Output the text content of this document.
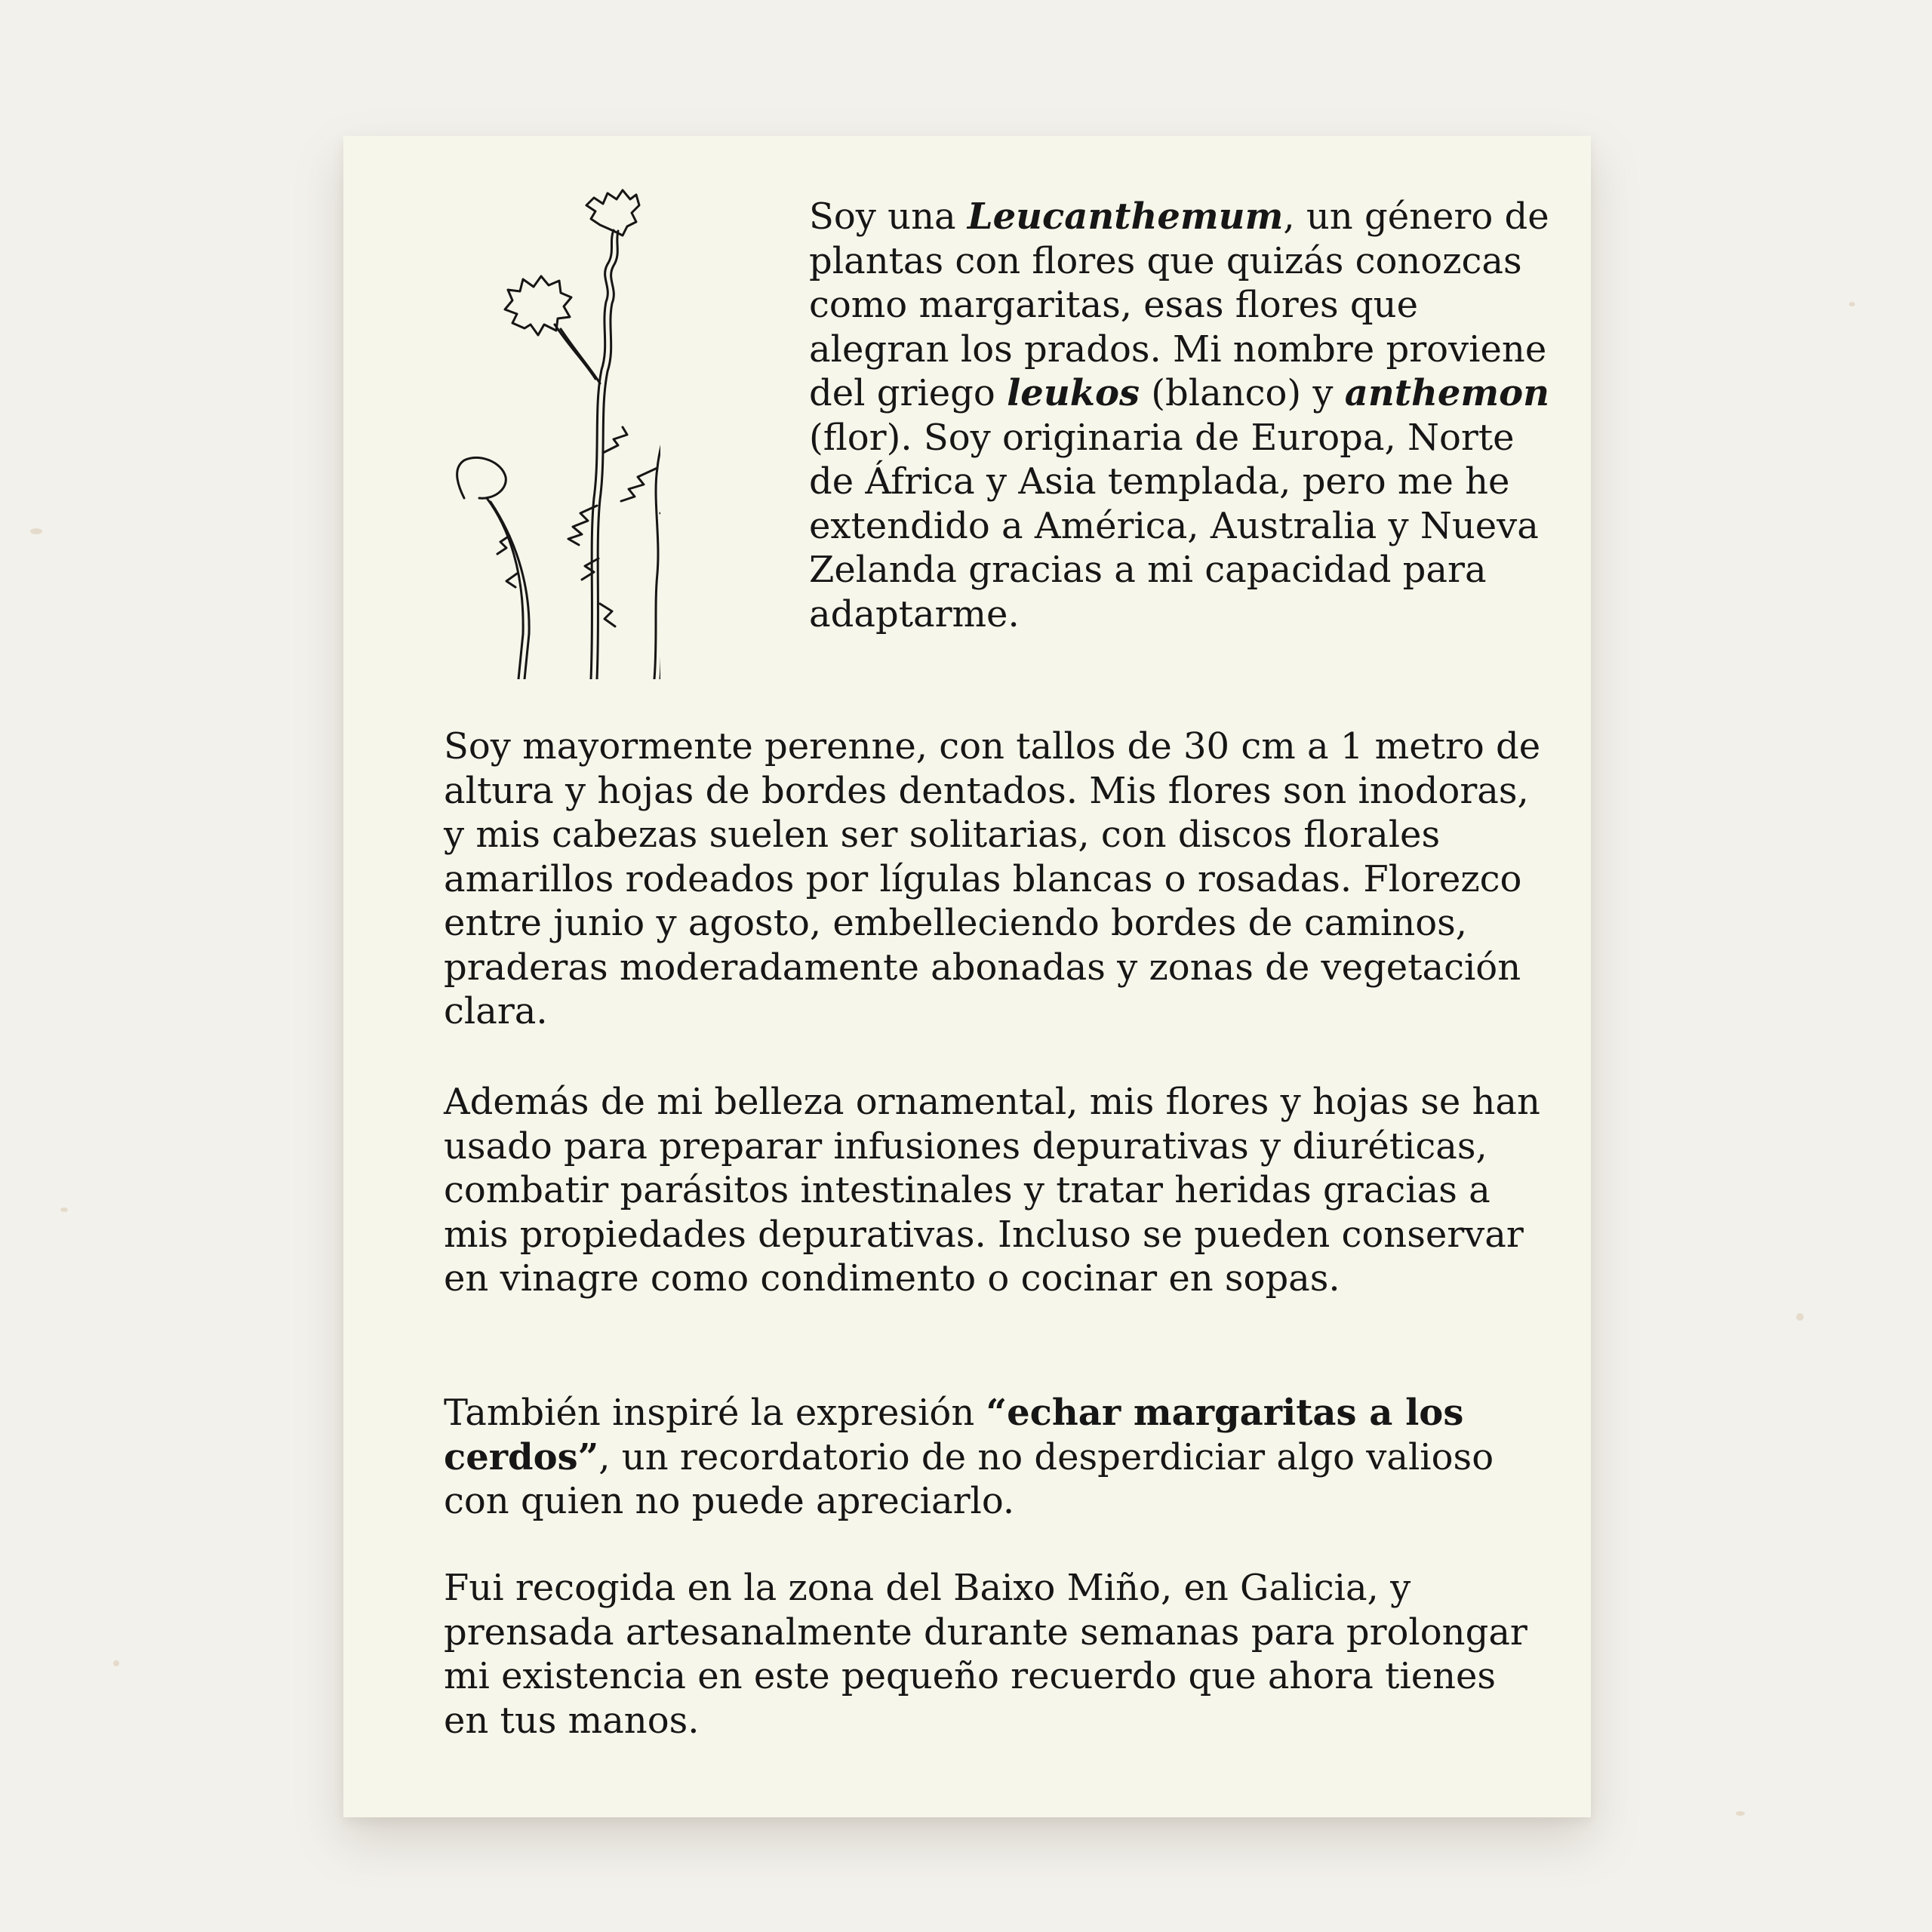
Soy una Leucanthemum, un género de plantas con flores que quizás conozcas como margaritas, esas flores que alegran los prados. Mi nombre proviene del griego leukos (blanco) y anthemon  (flor). Soy originaria de Europa, Norte de África y Asia templada, pero me he extendido a América, Australia y Nueva Zelanda gracias a mi capacidad para adaptarme.

Soy mayormente perenne, con tallos de 30 cm a 1 metro de altura y hojas de bordes dentados. Mis flores son inodoras, y mis cabezas suelen ser solitarias, con discos florales amarillos rodeados por lígulas blancas o rosadas. Florezco entre junio y agosto, embelleciendo bordes de caminos, praderas moderadamente abonadas y zonas de vegetación clara.

Además de mi belleza ornamental, mis flores y hojas se han usado para preparar infusiones depurativas y diuréticas, combatir parásitos intestinales y tratar heridas gracias a mis propiedades depurativas. Incluso se pueden conservar en vinagre como condimento o cocinar en sopas.

También inspiré la expresión “echar margaritas a los cerdos”, un recordatorio de no desperdiciar algo valioso con quien no puede apreciarlo.

Fui recogida en la zona del Baixo Miño, en Galicia, y prensada artesanalmente durante semanas para prolongar mi existencia en este pequeño recuerdo que ahora tienes en tus manos.
